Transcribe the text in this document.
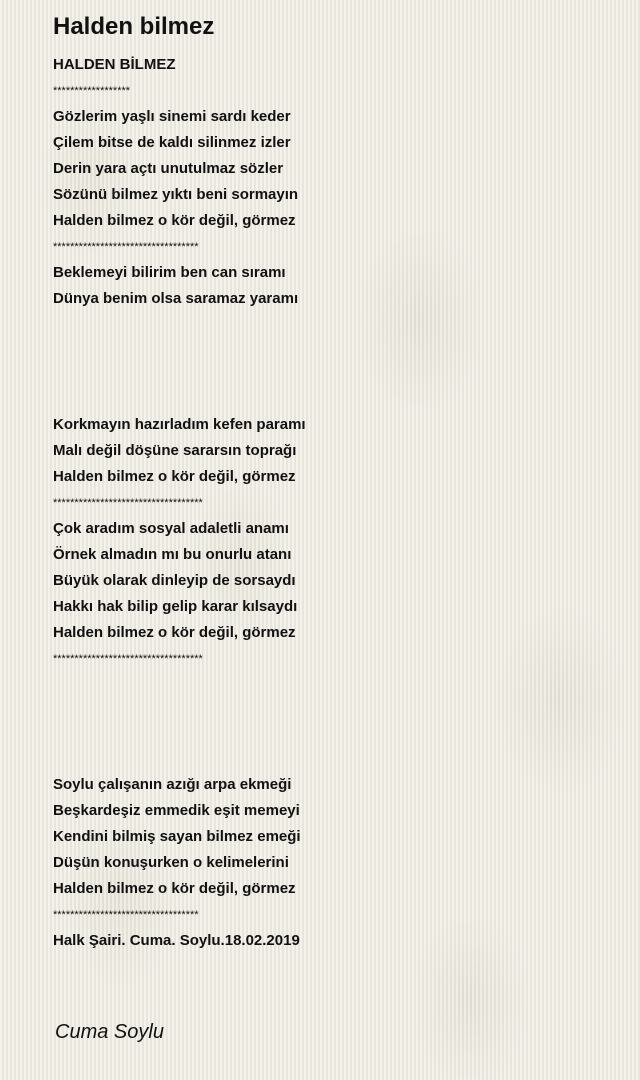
Halden bilmez
HALDEN BİLMEZ
******************
Gözlerim yaşlı sinemi sardı keder
Çilem bitse de kaldı silinmez izler
Derin yara açtı unutulmaz sözler
Sözünü bilmez yıktı beni sormayın
Halden bilmez o kör değil, görmez
**********************************
Beklemeyi bilirim ben can sıramı
Dünya benim olsa saramaz yaramı
Korkmayın hazırladım kefen paramı
Malı değil döşüne sararsın toprağı
Halden bilmez o kör değil, görmez
***********************************
Çok aradım sosyal adaletli anamı
Örnek almadın mı bu onurlu atanı
Büyük olarak dinleyip de sorsaydı
Hakkı hak bilip gelip karar kılsaydı
Halden bilmez o kör değil, görmez
***********************************
Soylu çalışanın azığı arpa ekmeği
Beşkardeşiz emmedik eşit memeyi
Kendini bilmiş sayan bilmez emeği
Düşün konuşurken o kelimelerini
Halden bilmez o kör değil, görmez
**********************************
Halk Şairi. Cuma. Soylu.18.02.2019
Cuma Soylu
